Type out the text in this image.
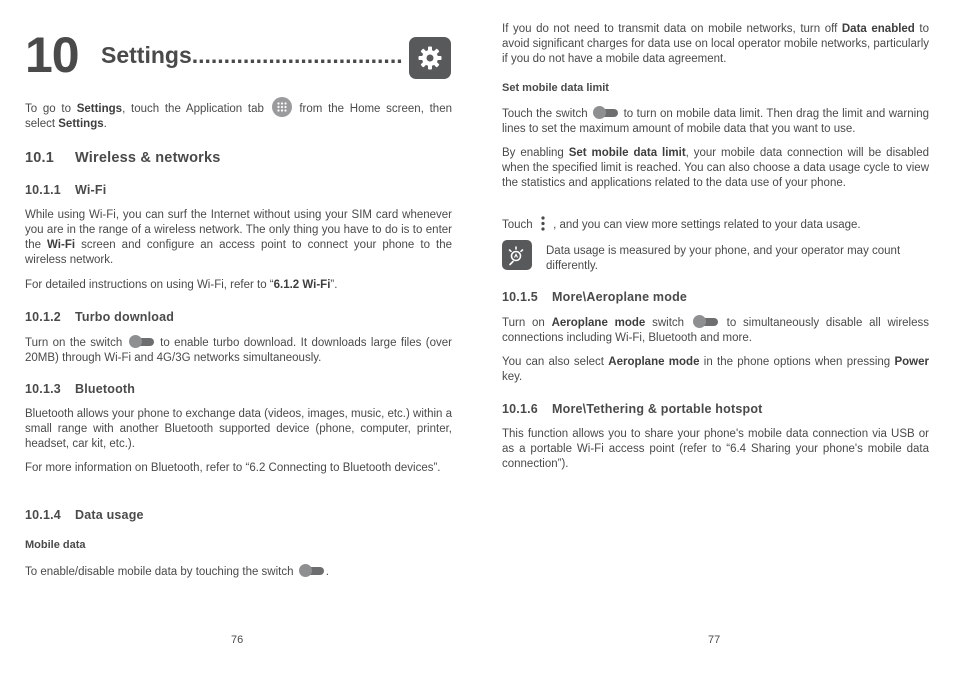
10 Settings.................................

To go to Settings, touch the Application tab
from the Home screen, then select Settings.

10.1 Wireless & networks
10.1.1 Wi-Fi

While using Wi-Fi, you can surf the Internet without using your SIM card whenever you are in the range of a wireless network. The only thing you have to do is to enter the Wi-Fi screen and configure an access point to connect your phone to the wireless network.

For detailed instructions on using Wi-Fi, refer to “6.1.2 Wi-Fi”.

10.1.2 Turbo download

Turn on the switch	to enable turbo download. It downloads large files (over 20MB) through Wi-Fi and 4G/3G networks simultaneously.

10.1.3 Bluetooth

Bluetooth allows your phone to exchange data (videos, images, music, etc.) within a small range with another Bluetooth supported device (phone, computer, printer, headset, car kit, etc.).

For more information on Bluetooth, refer to “6.2 Connecting to Bluetooth devices”.

10.1.4 Data usage
Mobile data

To enable/disable mobile data by touching the switch	.

76

If you do not need to transmit data on mobile networks, turn off Data enabled to avoid significant charges for data use on local operator mobile networks, particularly if you do not have a mobile data agreement.

Set mobile data limit

Touch the switch	to turn on mobile data limit. Then drag the limit and warning lines to set the maximum amount of mobile data that you want to use.

By enabling Set mobile data limit, your mobile data connection will be disabled when the specified limit is reached. You can also choose a data usage cycle to view the statistics and applications related to the data use of your phone.

Touch
, and you can view more settings related to your data usage.

Data usage is measured by your phone, and your operator may count differently.

10.1.5 More\Aeroplane mode

Turn on Aeroplane mode switch	to simultaneously disable all wireless connections including Wi-Fi, Bluetooth and more.

You can also select Aeroplane mode in the phone options when pressing Power key.

10.1.6 More\Tethering & portable hotspot

This function allows you to share your phone's mobile data connection via USB or as a portable Wi-Fi access point (refer to “6.4 Sharing your phone's mobile data connection”).

77
